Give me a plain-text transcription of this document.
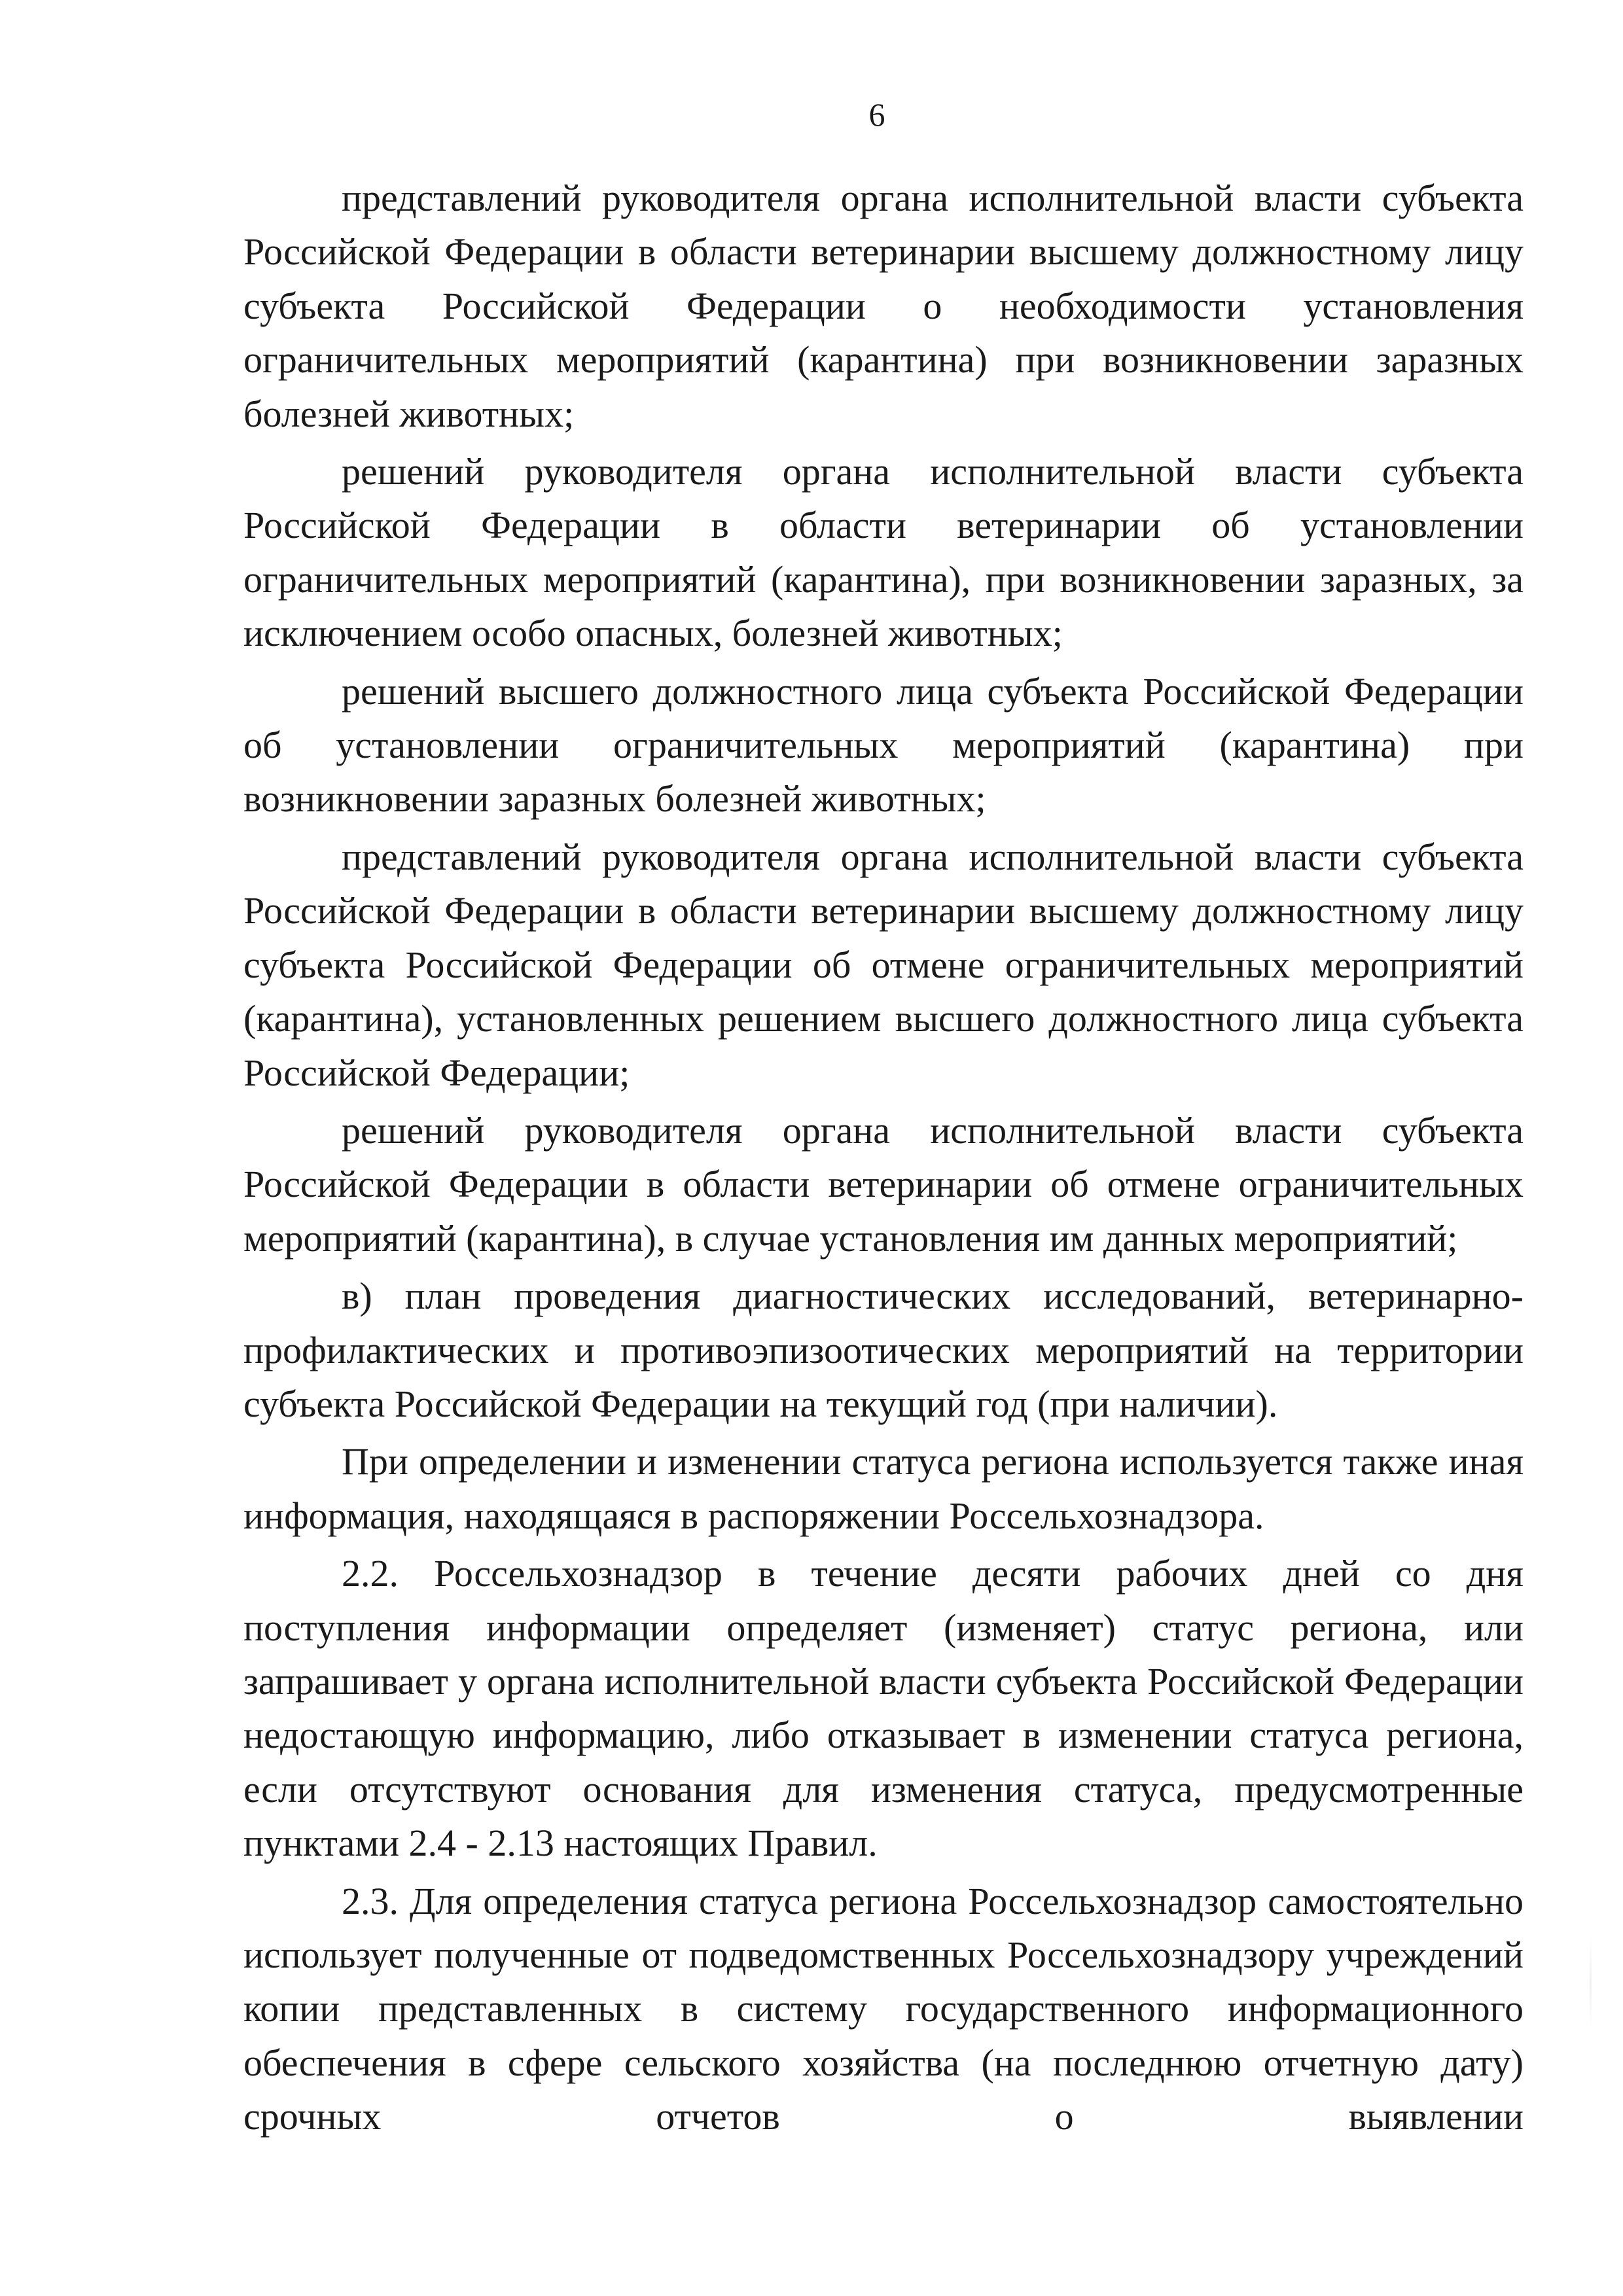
6

представлений руководителя органа исполнительной власти субъекта Российской Федерации в области ветеринарии высшему должностному лицу субъекта Российской Федерации о необходимости установления ограничительных мероприятий (карантина) при возникновении заразных болезней животных;

решений руководителя органа исполнительной власти субъекта Российской Федерации в области ветеринарии об установлении ограничительных мероприятий (карантина), при возникновении заразных, за исключением особо опасных, болезней животных;

решений высшего должностного лица субъекта Российской Федерации об установлении ограничительных мероприятий (карантина) при возникновении заразных болезней животных;

представлений руководителя органа исполнительной власти субъекта Российской Федерации в области ветеринарии высшему должностному лицу субъекта Российской Федерации об отмене ограничительных мероприятий (карантина), установленных решением высшего должностного лица субъекта Российской Федерации;

решений руководителя органа исполнительной власти субъекта Российской Федерации в области ветеринарии об отмене ограничительных мероприятий (карантина), в случае установления им данных мероприятий;

в) план проведения диагностических исследований, ветеринарно-профилактических и противоэпизоотических мероприятий на территории субъекта Российской Федерации на текущий год (при наличии).

При определении и изменении статуса региона используется также иная информация, находящаяся в распоряжении Россельхознадзора.

2.2. Россельхознадзор в течение десяти рабочих дней со дня поступления информации определяет (изменяет) статус региона, или запрашивает у органа исполнительной власти субъекта Российской Федерации недостающую информацию, либо отказывает в изменении статуса региона, если отсутствуют основания для изменения статуса, предусмотренные пунктами 2.4 - 2.13 настоящих Правил.

2.3. Для определения статуса региона Россельхознадзор самостоятельно использует полученные от подведомственных Россельхознадзору учреждений копии представленных в систему государственного информационного обеспечения в сфере сельского хозяйства (на последнюю отчетную дату) срочных отчетов о выявлении
